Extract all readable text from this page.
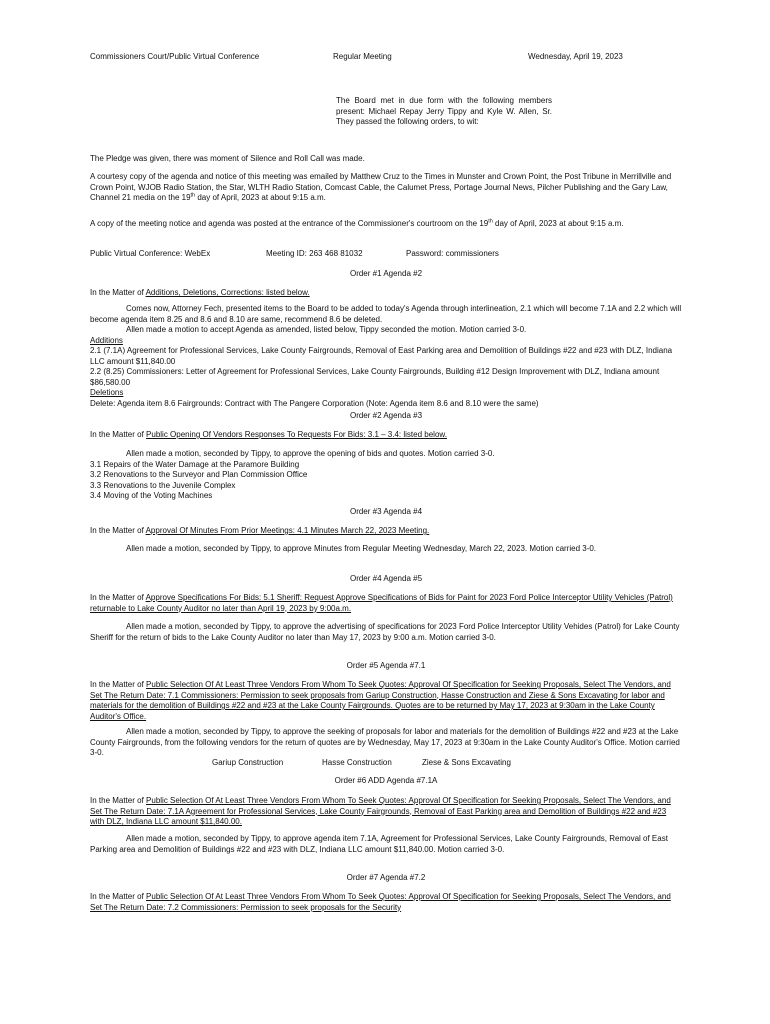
Commissioners Court/Public Virtual Conference	Regular Meeting	Wednesday, April 19, 2023
The Board met in due form with the following members present: Michael Repay Jerry Tippy and Kyle W. Allen, Sr. They passed the following orders, to wit:
The Pledge was given, there was moment of Silence and Roll Call was made.
A courtesy copy of the agenda and notice of this meeting was emailed by Matthew Cruz to the Times in Munster and Crown Point, the Post Tribune in Merrillville and Crown Point, WJOB Radio Station, the Star, WLTH Radio Station, Comcast Cable, the Calumet Press, Portage Journal News, Pilcher Publishing and the Gary Law, Channel 21 media on the 19th day of April, 2023 at about 9:15 a.m.
A copy of the meeting notice and agenda was posted at the entrance of the Commissioner's courtroom on the 19th day of April, 2023 at about 9:15 a.m.
Public Virtual Conference: WebEx	Meeting ID: 263 468 81032	Password: commissioners
Order #1 Agenda #2
In the Matter of Additions, Deletions, Corrections: listed below.
Comes now, Attorney Fech, presented items to the Board to be added to today's Agenda through interlineation, 2.1 which will become 7.1A and 2.2 which will become agenda item 8.25 and 8.6 and 8.10 are same, recommend 8.6 be deleted.
Allen made a motion to accept Agenda as amended, listed below, Tippy seconded the motion. Motion carried 3-0.
Additions
2.1 (7.1A) Agreement for Professional Services, Lake County Fairgrounds, Removal of East Parking area and Demolition of Buildings #22 and #23 with DLZ, Indiana LLC amount $11,840.00
2.2 (8.25) Commissioners: Letter of Agreement for Professional Services, Lake County Fairgrounds, Building #12 Design Improvement with DLZ, Indiana amount $86,580.00
Deletions
Delete: Agenda item 8.6 Fairgrounds: Contract with The Pangere Corporation (Note: Agenda item 8.6 and 8.10 were the same)
Order #2 Agenda #3
In the Matter of Public Opening Of Vendors Responses To Requests For Bids: 3.1 – 3.4: listed below.
Allen made a motion, seconded by Tippy, to approve the opening of bids and quotes. Motion carried 3-0.
3.1 Repairs of the Water Damage at the Paramore Building
3.2 Renovations to the Surveyor and Plan Commission Office
3.3 Renovations to the Juvenile Complex
3.4 Moving of the Voting Machines
Order #3 Agenda #4
In the Matter of Approval Of Minutes From Prior Meetings: 4.1 Minutes March 22, 2023 Meeting.
Allen made a motion, seconded by Tippy, to approve Minutes from Regular Meeting Wednesday, March 22, 2023. Motion carried 3-0.
Order #4 Agenda #5
In the Matter of Approve Specifications For Bids: 5.1 Sheriff: Request Approve Specifications of Bids for Paint for 2023 Ford Police Interceptor Utility Vehicles (Patrol) returnable to Lake County Auditor no later than April 19, 2023 by 9:00a.m.
Allen made a motion, seconded by Tippy, to approve the advertising of specifications for 2023 Ford Police Interceptor Utility Vehides (Patrol) for Lake County Sheriff for the return of bids to the Lake County Auditor no later than May 17, 2023 by 9:00 a.m. Motion carried 3-0.
Order #5 Agenda #7.1
In the Matter of Public Selection Of At Least Three Vendors From Whom To Seek Quotes: Approval Of Specification for Seeking Proposals, Select The Vendors, and Set The Return Date: 7.1 Commissioners: Permission to seek proposals from Gariup Construction, Hasse Construction and Ziese & Sons Excavating for labor and materials for the demolition of Buildings #22 and #23 at the Lake County Fairgrounds. Quotes are to be returned by May 17, 2023 at 9:30am in the Lake County Auditor's Office.
Allen made a motion, seconded by Tippy, to approve the seeking of proposals for labor and materials for the demolition of Buildings #22 and #23 at the Lake County Fairgrounds, from the following vendors for the return of quotes are by Wednesday, May 17, 2023 at 9:30am in the Lake County Auditor's Office. Motion carried 3-0.
Gariup Construction	Hasse Construction	Ziese & Sons Excavating
Order #6 ADD Agenda #7.1A
In the Matter of Public Selection Of At Least Three Vendors From Whom To Seek Quotes: Approval Of Specification for Seeking Proposals, Select The Vendors, and Set The Return Date: 7.1A Agreement for Professional Services, Lake County Fairgrounds, Removal of East Parking area and Demolition of Buildings #22 and #23 with DLZ, Indiana LLC amount $11,840.00.
Allen made a motion, seconded by Tippy, to approve agenda item 7.1A, Agreement for Professional Services, Lake County Fairgrounds, Removal of East Parking area and Demolition of Buildings #22 and #23 with DLZ, Indiana LLC amount $11,840.00. Motion carried 3-0.
Order #7 Agenda #7.2
In the Matter of Public Selection Of At Least Three Vendors From Whom To Seek Quotes: Approval Of Specification for Seeking Proposals, Select The Vendors, and Set The Return Date: 7.2 Commissioners: Permission to seek proposals for the Security
